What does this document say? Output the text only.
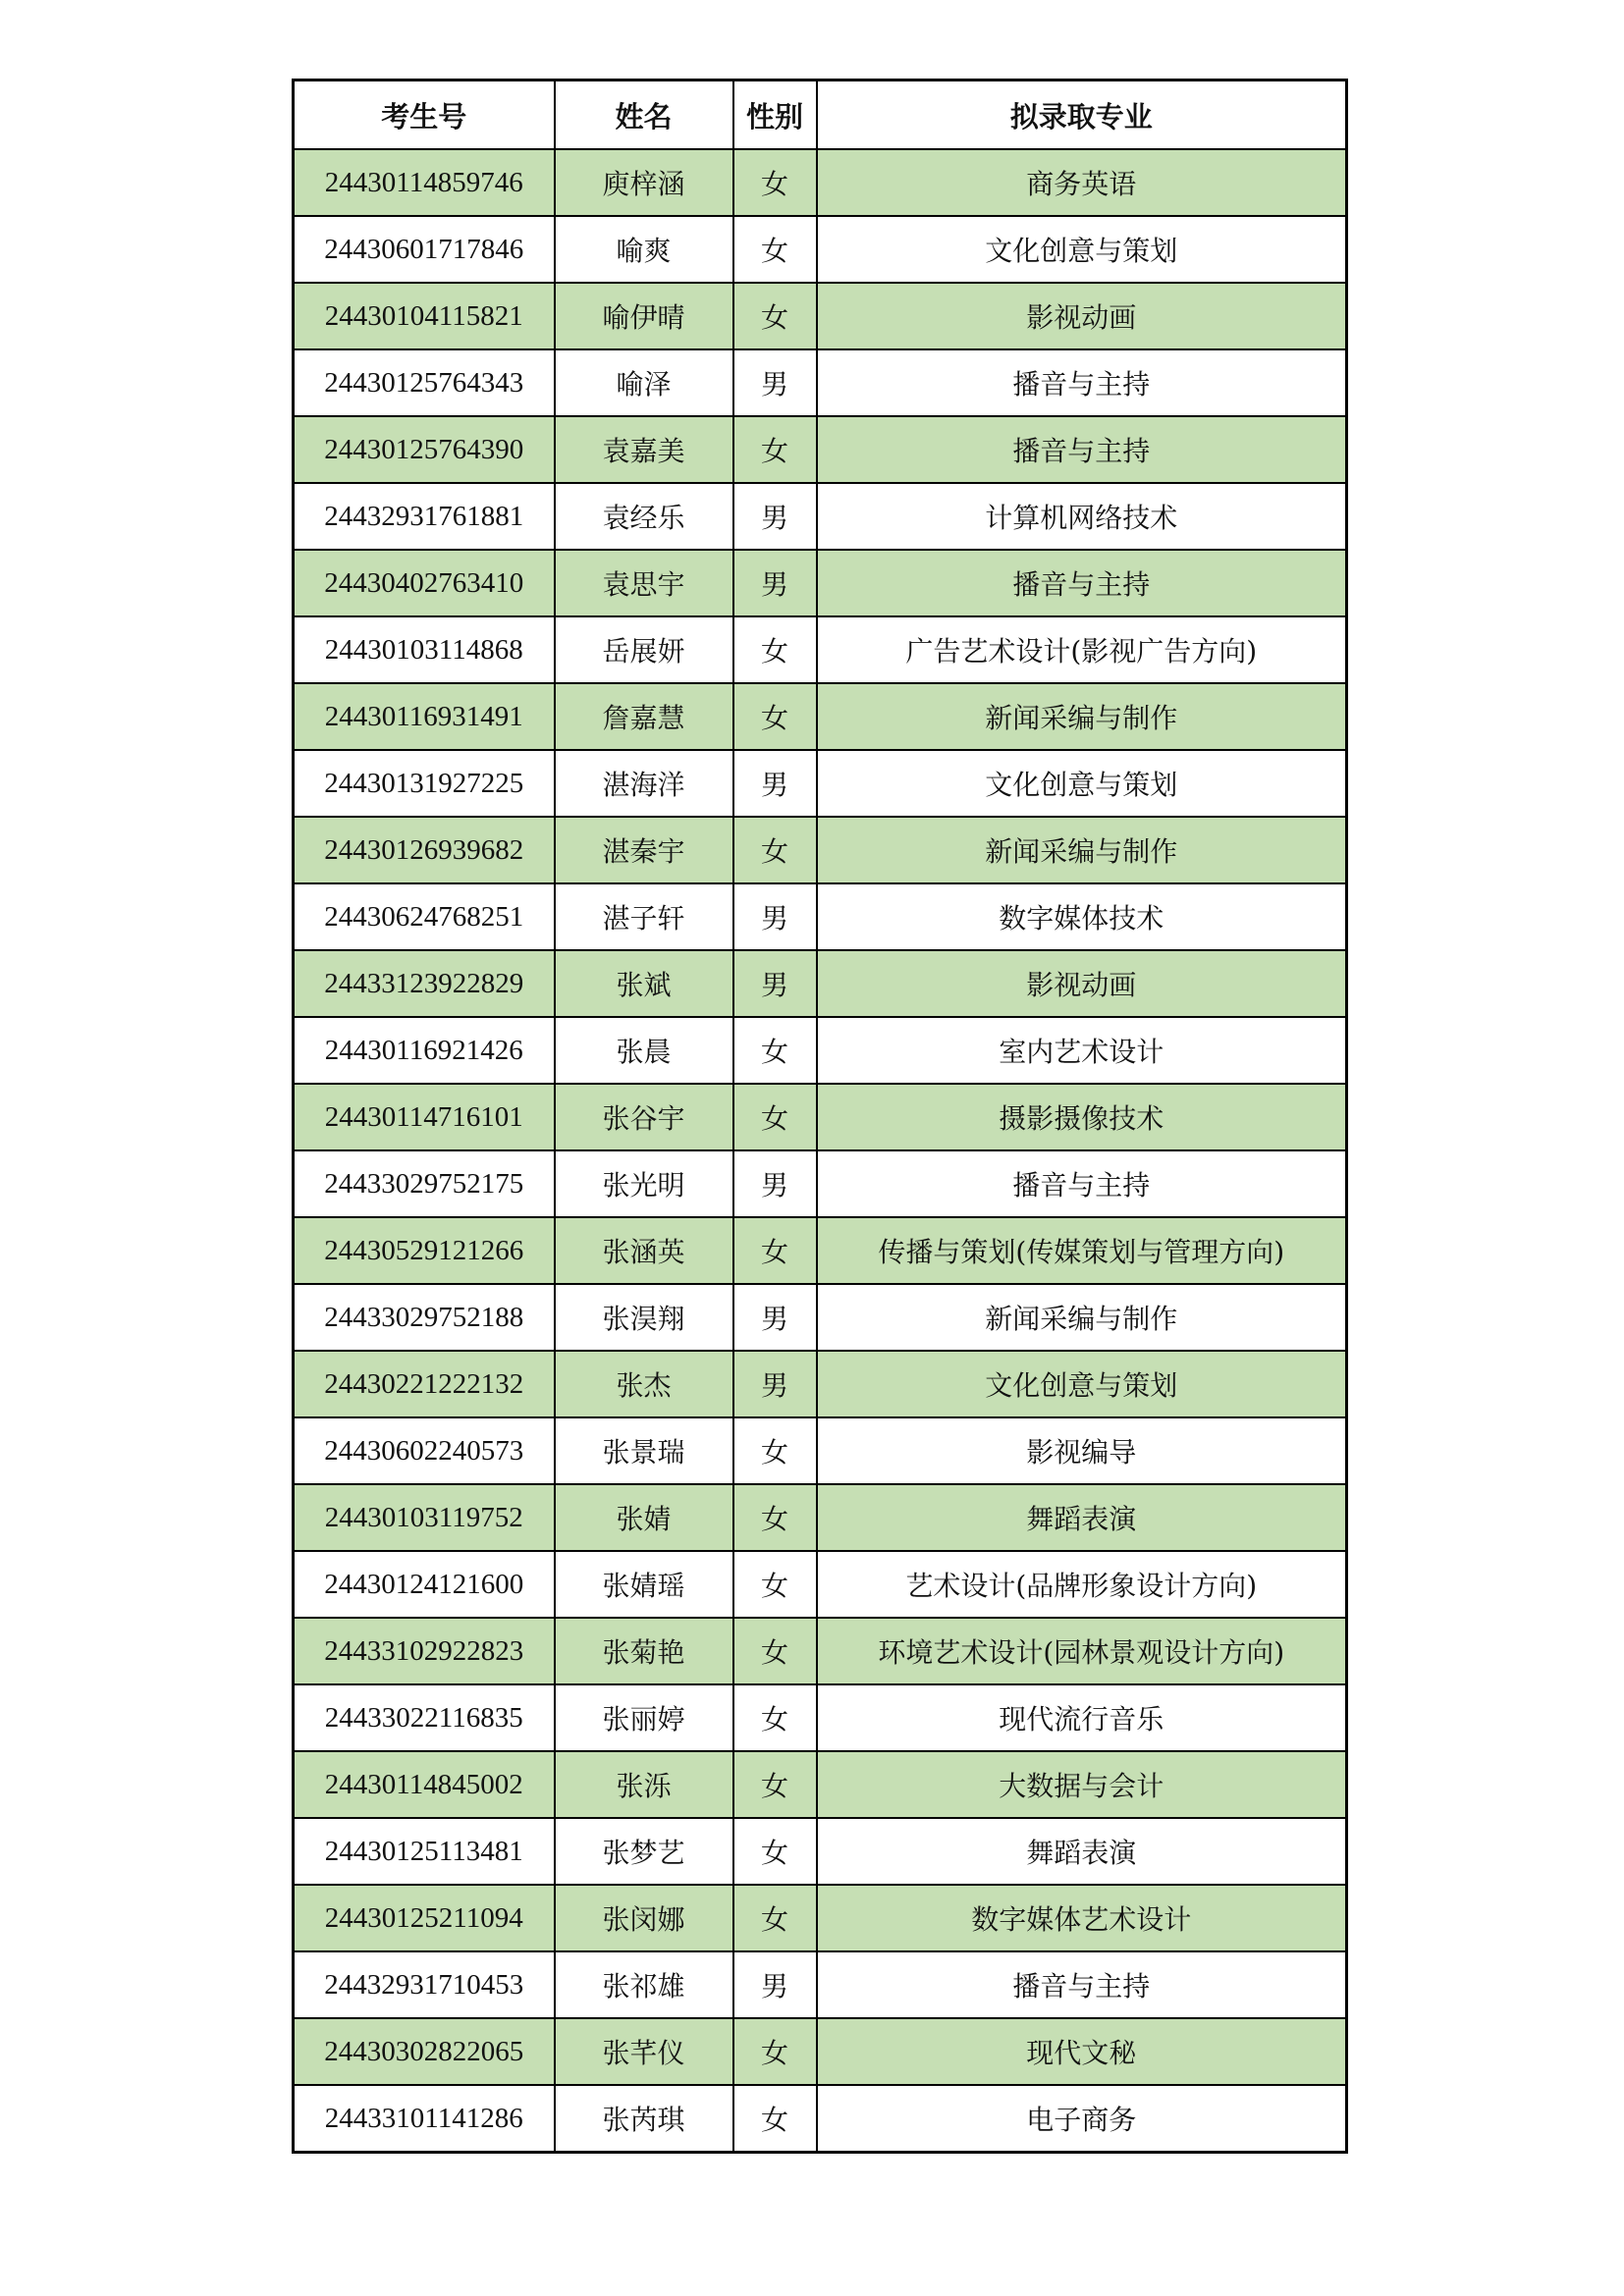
考生号	姓名	性别	拟录取专业
24430114859746	庾梓涵	女	商务英语
24430601717846	喻爽	女	文化创意与策划
24430104115821	喻伊晴	女	影视动画
24430125764343	喻泽	男	播音与主持
24430125764390	袁嘉美	女	播音与主持
24432931761881	袁经乐	男	计算机网络技术
24430402763410	袁思宇	男	播音与主持
24430103114868	岳展妍	女	广告艺术设计(影视广告方向)
24430116931491	詹嘉慧	女	新闻采编与制作
24430131927225	湛海洋	男	文化创意与策划
24430126939682	湛秦宇	女	新闻采编与制作
24430624768251	湛子轩	男	数字媒体技术
24433123922829	张斌	男	影视动画
24430116921426	张晨	女	室内艺术设计
24430114716101	张谷宇	女	摄影摄像技术
24433029752175	张光明	男	播音与主持
24430529121266	张涵英	女	传播与策划(传媒策划与管理方向)
24433029752188	张淏翔	男	新闻采编与制作
24430221222132	张杰	男	文化创意与策划
24430602240573	张景瑞	女	影视编导
24430103119752	张婧	女	舞蹈表演
24430124121600	张婧瑶	女	艺术设计(品牌形象设计方向)
24433102922823	张菊艳	女	环境艺术设计(园林景观设计方向)
24433022116835	张丽婷	女	现代流行音乐
24430114845002	张泺	女	大数据与会计
24430125113481	张梦艺	女	舞蹈表演
24430125211094	张闵娜	女	数字媒体艺术设计
24432931710453	张祁雄	男	播音与主持
24430302822065	张芊仪	女	现代文秘
24433101141286	张芮琪	女	电子商务
